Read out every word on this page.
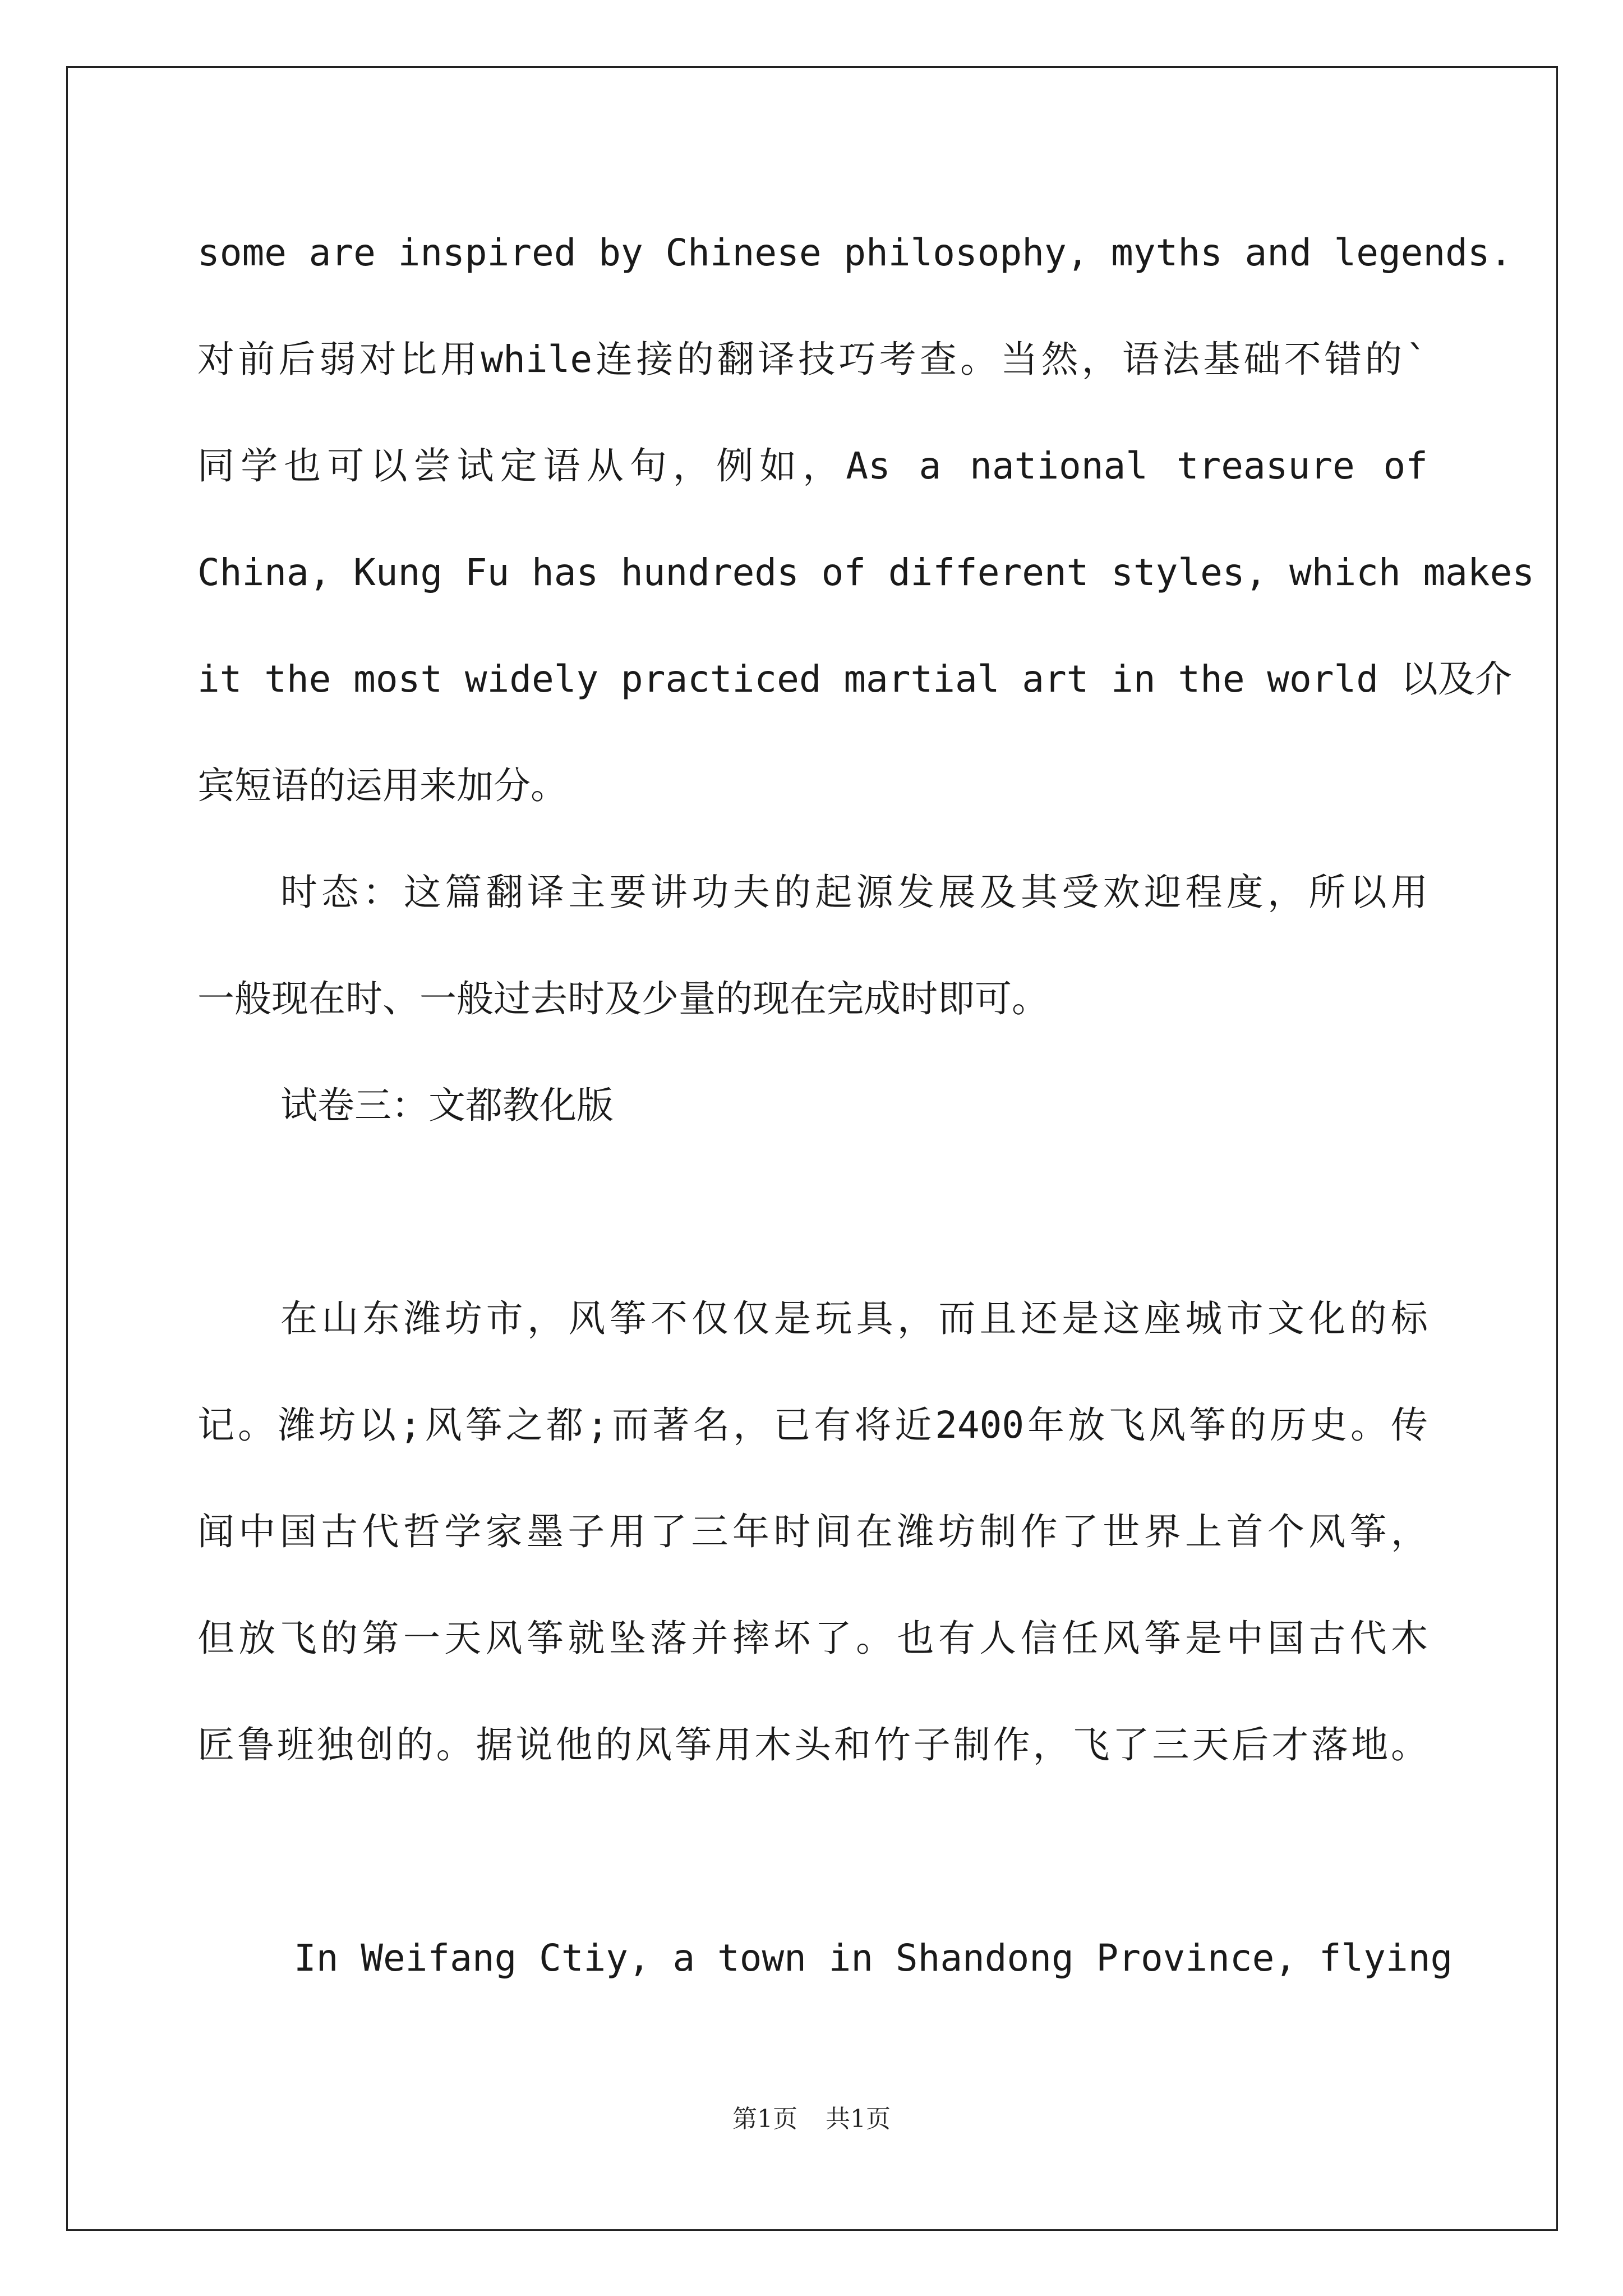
some are inspired by Chinese philosophy, myths and legends.

对前后弱对比用while连接的翻译技巧考查。当然，语法基础不错的`

同学也可以尝试定语从句，例如，As a national treasure of

China, Kung Fu has hundreds of different styles, which makes

it the most widely practiced martial art in the world 以及介

宾短语的运用来加分。

时态：这篇翻译主要讲功夫的起源发展及其受欢迎程度，所以用

一般现在时、一般过去时及少量的现在完成时即可。

试卷三：文都教化版

在山东潍坊市，风筝不仅仅是玩具，而且还是这座城市文化的标

记。潍坊以;风筝之都;而著名，已有将近2400年放飞风筝的历史。传

闻中国古代哲学家墨子用了三年时间在潍坊制作了世界上首个风筝，

但放飞的第一天风筝就坠落并摔坏了。也有人信任风筝是中国古代木

匠鲁班独创的。据说他的风筝用木头和竹子制作，飞了三天后才落地。

In Weifang Ctiy, a town in Shandong Province, flying

第1页 共1页
